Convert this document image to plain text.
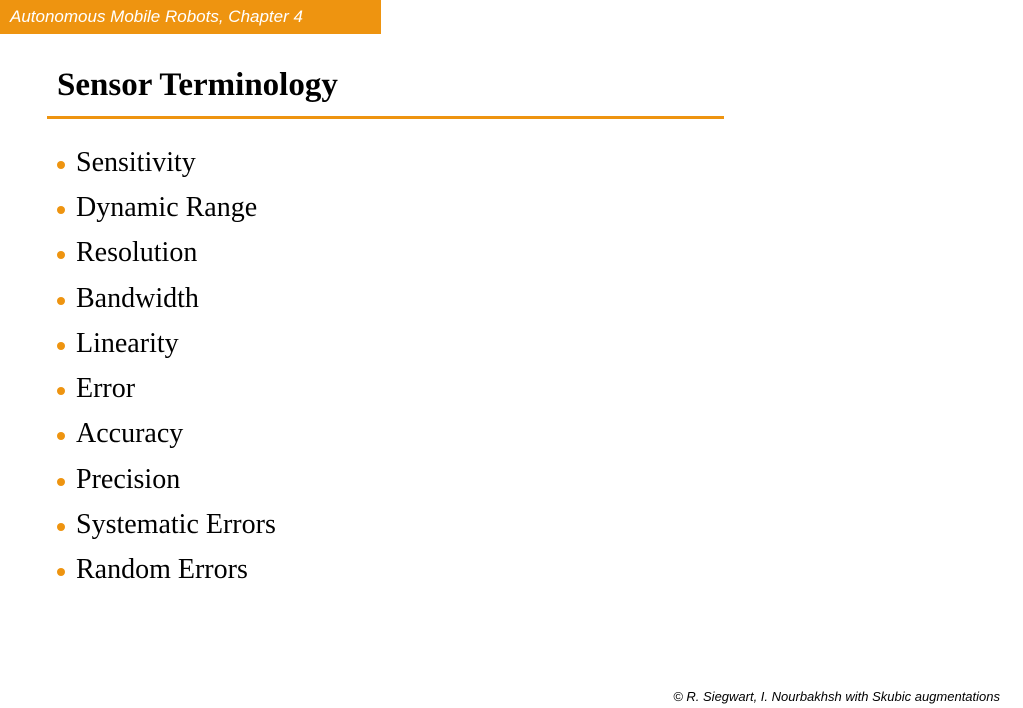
Autonomous Mobile Robots, Chapter 4
Sensor Terminology
Sensitivity
Dynamic Range
Resolution
Bandwidth
Linearity
Error
Accuracy
Precision
Systematic Errors
Random Errors
© R. Siegwart, I. Nourbakhsh with Skubic augmentations
